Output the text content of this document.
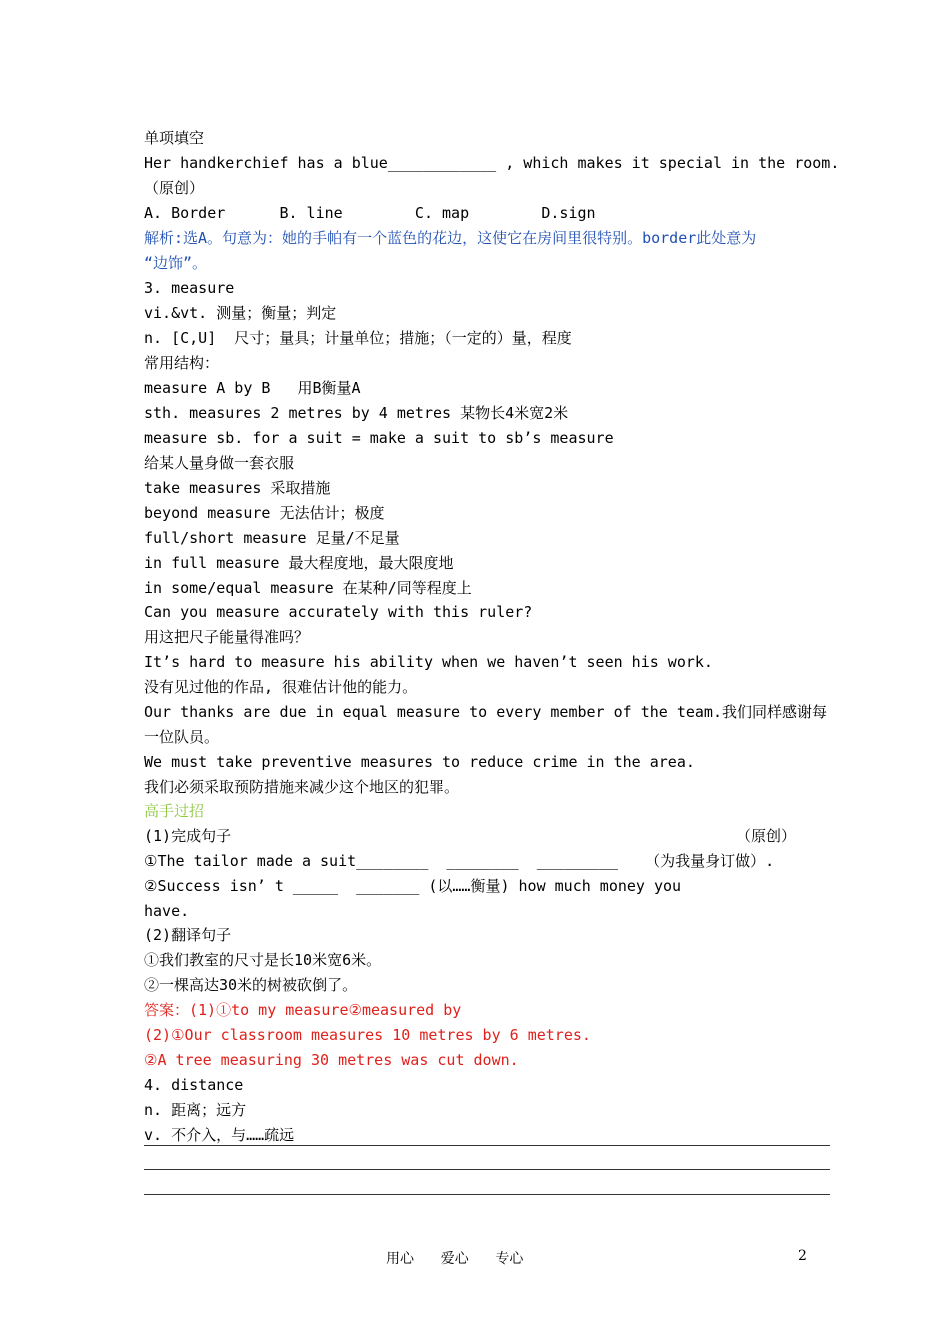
单项填空
Her handkerchief has a blue____________ , which makes it special in the room.
（原创）
A. Border      B. line        C. map        D.sign
解析:选A。句意为：她的手帕有一个蓝色的花边，这使它在房间里很特别。border此处意为
“边饰”。
3. measure
vi.&vt. 测量；衡量；判定
n. [C,U]  尺寸；量具；计量单位；措施；（一定的）量，程度
常用结构：
measure A by B   用B衡量A
sth. measures 2 metres by 4 metres 某物长4米宽2米
measure sb. for a suit = make a suit to sb’s measure
给某人量身做一套衣服
take measures 采取措施
beyond measure 无法估计；极度
full/short measure 足量/不足量
in full measure 最大程度地，最大限度地
in some/equal measure 在某种/同等程度上
Can you measure accurately with this ruler?
用这把尺子能量得准吗？
It’s hard to measure his ability when we haven’t seen his work.
没有见过他的作品, 很难估计他的能力。
Our thanks are due in equal measure to every member of the team.我们同样感谢每
一位队员。
We must take preventive measures to reduce crime in the area.
我们必须采取预防措施来减少这个地区的犯罪。
高手过招
(1)完成句子	（原创）
①The tailor made a suit________  ________  _________   （为我量身订做）.
②Success isn’ t _____  _______ (以……衡量) how much money you
have.
(2)翻译句子
①我们教室的尺寸是长10米宽6米。
②一棵高达30米的树被砍倒了。
答案：(1)①to my measure②measured by
(2)①Our classroom measures 10 metres by 6 metres.
②A tree measuring 30 metres was cut down.
4. distance
n. 距离；远方
v. 不介入，与……疏远
用心      爱心      专心	2
